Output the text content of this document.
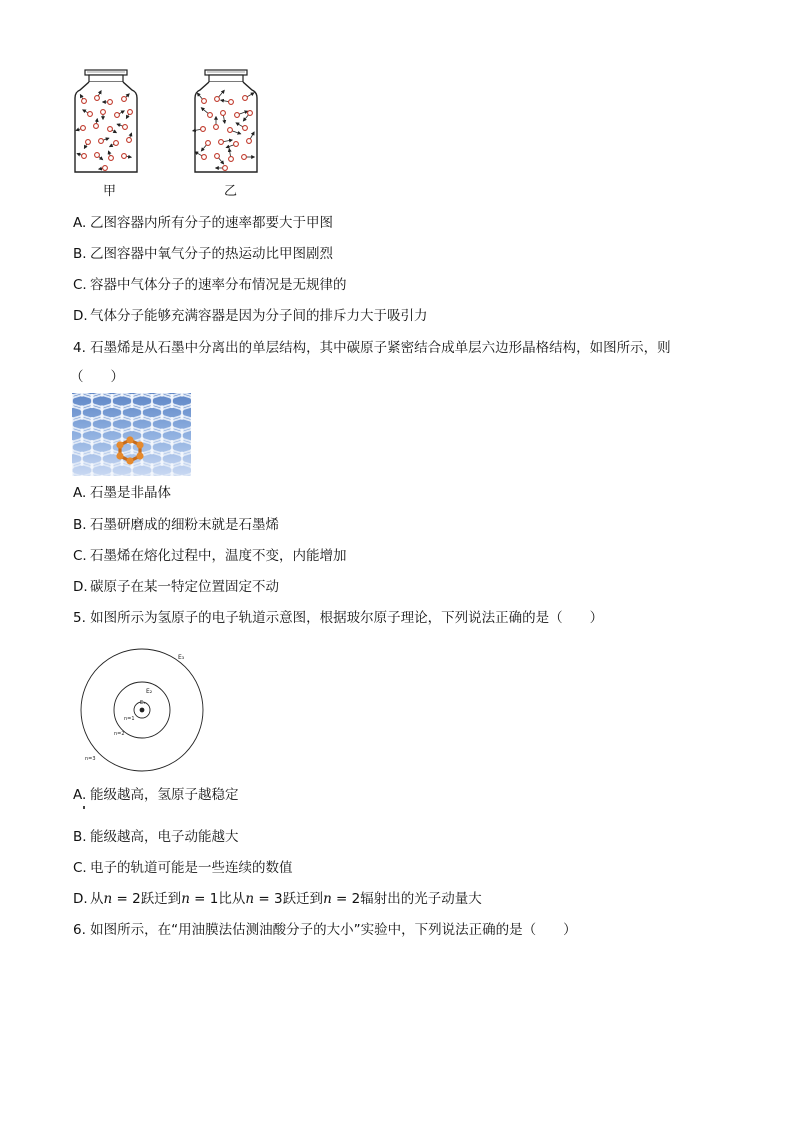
甲	乙
A. 乙图容器内所有分子的速率都要大于甲图
B. 乙图容器中氧气分子的热运动比甲图剧烈
C. 容器中气体分子的速率分布情况是无规律的
D. 气体分子能够充满容器是因为分子间的排斥力大于吸引力
4. 石墨烯是从石墨中分离出的单层结构，其中碳原子紧密结合成单层六边形晶格结构，如图所示，则
（　　）
A. 石墨是非晶体
B. 石墨研磨成的细粉末就是石墨烯
C. 石墨烯在熔化过程中，温度不变，内能增加
D. 碳原子在某一特定位置固定不动
5. 如图所示为氢原子的电子轨道示意图，根据玻尔原子理论，下列说法正确的是（　　）
E₃
E₂
E₁
n=1
n=2
n=3
A. 能级越高，氢原子越稳定
B. 能级越高，电子动能越大
C. 电子的轨道可能是一些连续的数值
D. 从n = 2跃迁到n = 1比从n = 3跃迁到n = 2辐射出的光子动量大
6. 如图所示，在“用油膜法估测油酸分子的大小”实验中，下列说法正确的是（　　）
